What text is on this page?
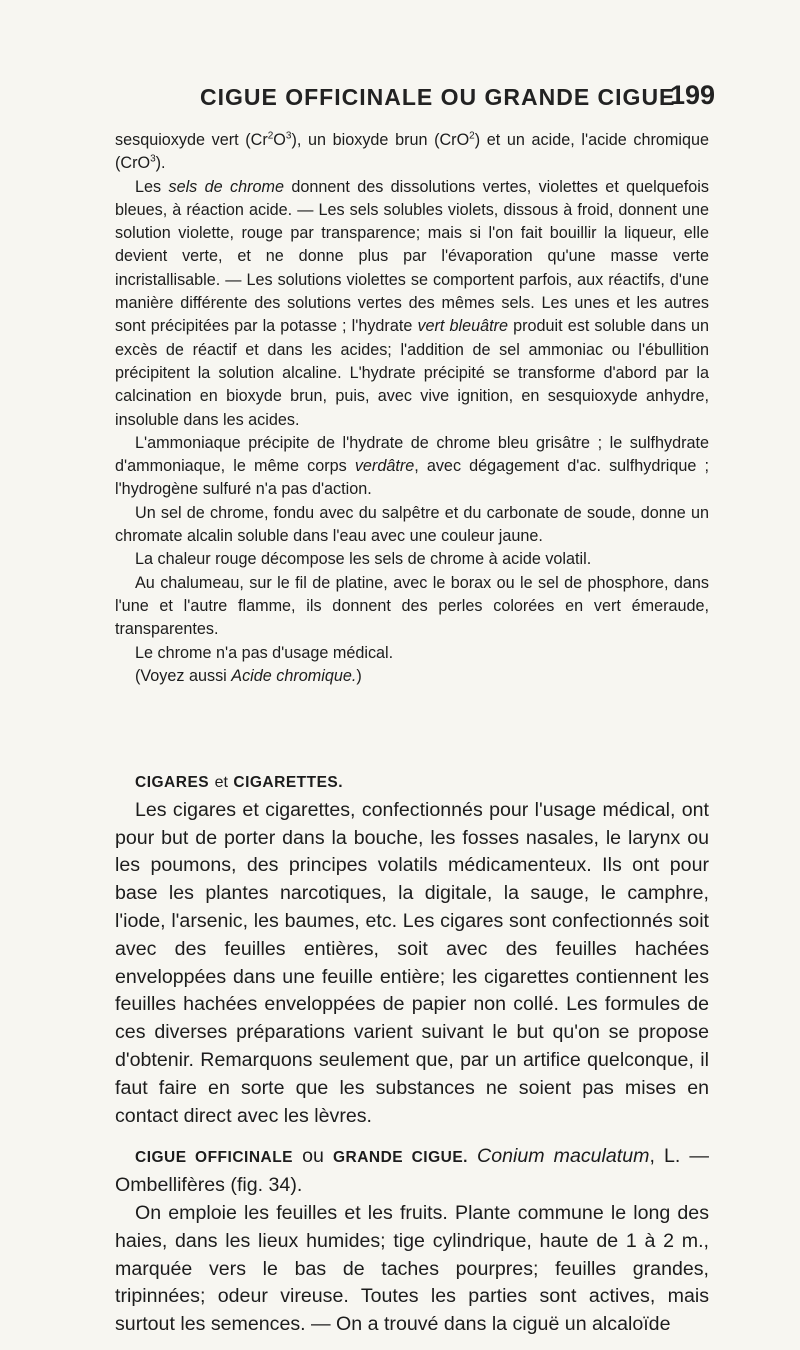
CIGUE OFFICINALE OU GRANDE CIGUE
199

sesquioxyde vert $(Cr^2O^3)$, un bioxyde brun (CrO$^2$) et un acide, l'acide chromique (CrO$^3$).

Les sels de chrome donnent des dissolutions vertes, violettes et quelquefois bleues, à réaction acide. — Les sels solubles violets, dissous à froid, donnent une solution violette, rouge par transparence; mais si l'on fait bouillir la liqueur, elle devient verte, et ne donne plus par l'évaporation qu'une masse verte incristallisable. — Les solutions violettes se comportent parfois, aux réactifs, d'une manière différente des solutions vertes des mêmes sels. Les unes et les autres sont précipitées par la potasse ; l'hydrate vert bleuâtre produit est soluble dans un excès de réactif et dans les acides; l'addition de sel ammoniac ou l'ébullition précipitent la solution alcaline. L'hydrate précipité se transforme d'abord par la calcination en bioxyde brun, puis, avec vive ignition, en sesquioxyde anhydre, insoluble dans les acides.

L'ammoniaque précipite de l'hydrate de chrome bleu grisâtre ; le sulfhydrate d'ammoniaque, le même corps verdâtre, avec dégagement d'ac. sulfhydrique ; l'hydrogène sulfuré n'a pas d'action.

Un sel de chrome, fondu avec du salpêtre et du carbonate de soude, donne un chromate alcalin soluble dans l'eau avec une couleur jaune.

La chaleur rouge décompose les sels de chrome à acide volatil.

Au chalumeau, sur le fil de platine, avec le borax ou le sel de phosphore, dans l'une et l'autre flamme, ils donnent des perles colorées en vert émeraude, transparentes.

Le chrome n'a pas d'usage médical.

(Voyez aussi Acide chromique.)

CIGARES et CIGARETTES.

Les cigares et cigarettes, confectionnés pour l'usage médical, ont pour but de porter dans la bouche, les fosses nasales, le larynx ou les poumons, des principes volatils médicamenteux. Ils ont pour base les plantes narcotiques, la digitale, la sauge, le camphre, l'iode, l'arsenic, les baumes, etc. Les cigares sont confectionnés soit avec des feuilles entières, soit avec des feuilles hachées enveloppées dans une feuille entière; les cigarettes contiennent les feuilles hachées enveloppées de papier non collé. Les formules de ces diverses préparations varient suivant le but qu'on se propose d'obtenir. Remarquons seulement que, par un artifice quelconque, il faut faire en sorte que les substances ne soient pas mises en contact direct avec les lèvres.

CIGUE OFFICINALE ou GRANDE CIGUE. Conium maculatum, L. — Ombellifères (fig. 34).

On emploie les feuilles et les fruits. Plante commune le long des haies, dans les lieux humides; tige cylindrique, haute de 1 à 2 m., marquée vers le bas de taches pourpres; feuilles grandes, tripinnées; odeur vireuse. Toutes les parties sont actives, mais surtout les semences. — On a trouvé dans la ciguë un alcaloïde
